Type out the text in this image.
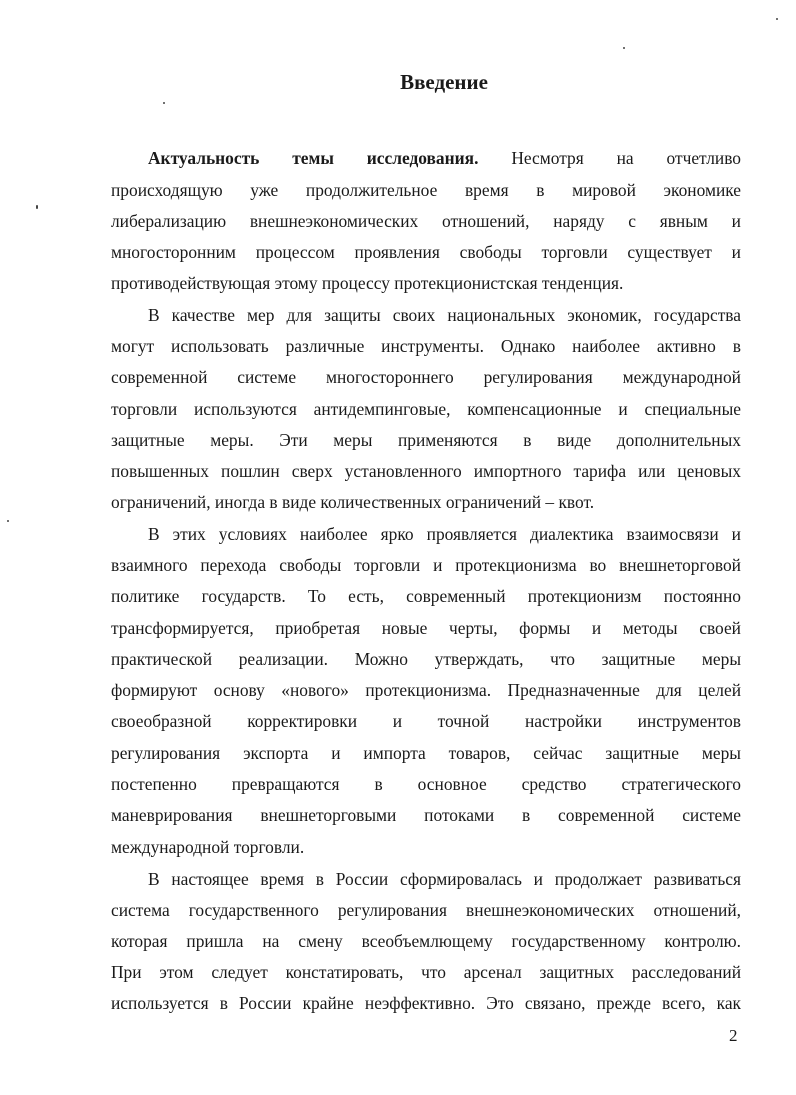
Введение
Актуальность темы исследования. Несмотря на отчетливо
происходящую уже продолжительное время в мировой экономике
либерализацию внешнеэкономических отношений, наряду с явным и
многосторонним процессом проявления свободы торговли существует и
противодействующая этому процессу протекционистская тенденция.
В качестве мер для защиты своих национальных экономик, государства
могут использовать различные инструменты. Однако наиболее активно в
современной системе многостороннего регулирования международной
торговли используются антидемпинговые, компенсационные и специальные
защитные меры. Эти меры применяются в виде дополнительных
повышенных пошлин сверх установленного импортного тарифа или ценовых
ограничений, иногда в виде количественных ограничений – квот.
В этих условиях наиболее ярко проявляется диалектика взаимосвязи и
взаимного перехода свободы торговли и протекционизма во внешнеторговой
политике государств. То есть, современный протекционизм постоянно
трансформируется, приобретая новые черты, формы и методы своей
практической реализации. Можно утверждать, что защитные меры
формируют основу «нового» протекционизма. Предназначенные для целей
своеобразной корректировки и точной настройки инструментов
регулирования экспорта и импорта товаров, сейчас защитные меры
постепенно превращаются в основное средство стратегического
маневрирования внешнеторговыми потоками в современной системе
международной торговли.
В настоящее время в России сформировалась и продолжает развиваться
система государственного регулирования внешнеэкономических отношений,
которая пришла на смену всеобъемлющему государственному контролю.
При этом следует констатировать, что арсенал защитных расследований
используется в России крайне неэффективно. Это связано, прежде всего, как
2
